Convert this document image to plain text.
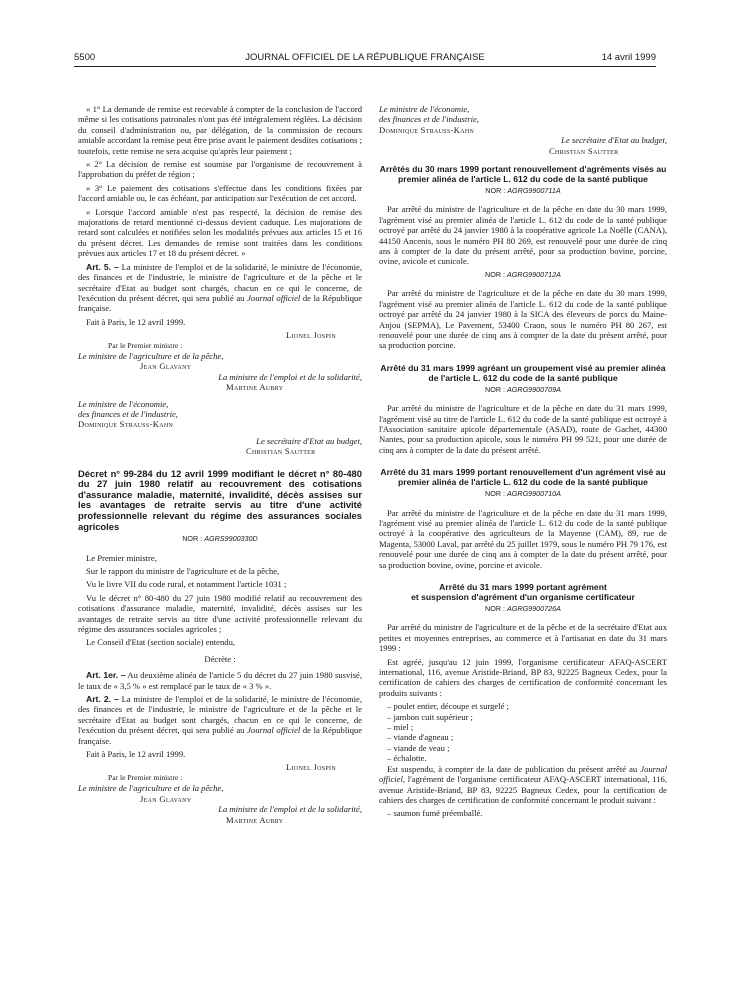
5500	JOURNAL OFFICIEL DE LA RÉPUBLIQUE FRANÇAISE	14 avril 1999

« 1° La demande de remise est recevable à compter de la conclusion de l'accord même si les cotisations patronales n'ont pas été intégralement réglées. La décision du conseil d'administration ou, par délégation, de la commission de recours amiable accordant la remise peut être prise avant le paiement desdites cotisations ; toutefois, cette remise ne sera acquise qu'après leur paiement ;

« 2° La décision de remise est soumise par l'organisme de recouvrement à l'approbation du préfet de région ;

« 3° Le paiement des cotisations s'effectue dans les conditions fixées par l'accord amiable ou, le cas échéant, par anticipation sur l'exécution de cet accord.

« Lorsque l'accord amiable n'est pas respecté, la décision de remise des majorations de retard mentionné ci-dessus devient caduque. Les majorations de retard sont calculées et notifiées selon les modalités prévues aux articles 15 et 16 du présent décret. Les demandes de remise sont traitées dans les conditions prévues aux articles 17 et 18 du présent décret. »

Art. 5. – La ministre de l'emploi et de la solidarité, le ministre de l'économie, des finances et de l'industrie, le ministre de l'agriculture et de la pêche et le secrétaire d'Etat au budget sont chargés, chacun en ce qui le concerne, de l'exécution du présent décret, qui sera publié au Journal officiel de la République française.

Fait à Paris, le 12 avril 1999.

Lionel Jospin
Par le Premier ministre :
Le ministre de l'agriculture et de la pêche,
Jean Glavany
La ministre de l'emploi et de la solidarité,
Martine Aubry
Le ministre de l'économie,
des finances et de l'industrie,
Dominique Strauss-Kahn
Le secrétaire d'Etat au budget,
Christian Sautter
Décret n° 99-284 du 12 avril 1999 modifiant le décret n° 80-480 du 27 juin 1980 relatif au recouvrement des cotisations d'assurance maladie, maternité, invalidité, décès assises sur les avantages de retraite servis au titre d'une activité professionnelle relevant du régime des assurances sociales agricoles
NOR : AGRS9900330D

Le Premier ministre,

Sur le rapport du ministre de l'agriculture et de la pêche,

Vu le livre VII du code rural, et notamment l'article 1031 ;

Vu le décret n° 80-480 du 27 juin 1980 modifié relatif au recouvrement des cotisations d'assurance maladie, maternité, invalidité, décès assises sur les avantages de retraite servis au titre d'une activité professionnelle relevant du régime des assurances sociales agricoles ;

Le Conseil d'Etat (section sociale) entendu,

Décrète :

Art. 1er. – Au deuxième alinéa de l'article 5 du décret du 27 juin 1980 susvisé, le taux de « 3,5 % » est remplacé par le taux de « 3 % ».

Art. 2. – La ministre de l'emploi et de la solidarité, le ministre de l'économie, des finances et de l'industrie, le ministre de l'agriculture et de la pêche et le secrétaire d'Etat au budget sont chargés, chacun en ce qui le concerne, de l'exécution du présent décret, qui sera publié au Journal officiel de la République française.

Fait à Paris, le 12 avril 1999.

Lionel Jospin
Par le Premier ministre :
Le ministre de l'agriculture et de la pêche,
Jean Glavany
La ministre de l'emploi et de la solidarité,
Martine Aubry
Le ministre de l'économie,
des finances et de l'industrie,
Dominique Strauss-Kahn
Le secrétaire d'Etat au budget,
Christian Sautter
Arrêtés du 30 mars 1999 portant renouvellement d'agréments visés au premier alinéa de l'article L. 612 du code de la santé publique
NOR : AGRG9900711A

Par arrêté du ministre de l'agriculture et de la pêche en date du 30 mars 1999, l'agrément visé au premier alinéa de l'article L. 612 du code de la santé publique octroyé par arrêté du 24 janvier 1980 à la coopérative agricole La Noëlle (CANA), 44150 Ancenis, sous le numéro PH 80 269, est renouvelé pour une durée de cinq ans à compter de la date du présent arrêté, pour sa production bovine, porcine, ovine, avicole et cunicole.

NOR : AGRG9900712A

Par arrêté du ministre de l'agriculture et de la pêche en date du 30 mars 1999, l'agrément visé au premier alinéa de l'article L. 612 du code de la santé publique octroyé par arrêté du 24 janvier 1980 à la SICA des éleveurs de porcs du Maine-Anjou (SEPMA), Le Pavement, 53400 Craon, sous le numéro PH 80 267, est renouvelé pour une durée de cinq ans à compter de la date du présent arrêté, pour sa production porcine.

Arrêté du 31 mars 1999 agréant un groupement visé au premier alinéa de l'article L. 612 du code de la santé publique
NOR : AGRG9900709A

Par arrêté du ministre de l'agriculture et de la pêche en date du 31 mars 1999, l'agrément visé au titre de l'article L. 612 du code de la santé publique est octroyé à l'Association sanitaire apicole départementale (ASAD), route de Gachet, 44300 Nantes, pour sa production apicole, sous le numéro PH 99 521, pour une durée de cinq ans à compter de la date du présent arrêté.

Arrêté du 31 mars 1999 portant renouvellement d'un agrément visé au premier alinéa de l'article L. 612 du code de la santé publique
NOR : AGRG9900710A

Par arrêté du ministre de l'agriculture et de la pêche en date du 31 mars 1999, l'agrément visé au premier alinéa de l'article L. 612 du code de la santé publique octroyé à la coopérative des agriculteurs de la Mayenne (CAM), 89, rue de Magenta, 53000 Laval, par arrêté du 25 juillet 1979, sous le numéro PH 79 176, est renouvelé pour une durée de cinq ans à compter de la date du présent arrêté, pour sa production bovine, ovine, porcine et avicole.

Arrêté du 31 mars 1999 portant agrément
et suspension d'agrément d'un organisme certificateur
NOR : AGRG9900726A

Par arrêté du ministre de l'agriculture et de la pêche et de la secrétaire d'Etat aux petites et moyennes entreprises, au commerce et à l'artisanat en date du 31 mars 1999 :

Est agréé, jusqu'au 12 juin 1999, l'organisme certificateur AFAQ-ASCERT international, 116, avenue Aristide-Briand, BP 83, 92225 Bagneux Cedex, pour la certification de cahiers des charges de certification de conformité concernant les produits suivants :

– poulet entier, découpe et surgelé ;
– jambon cuit supérieur ;
– miel ;
– viande d'agneau ;
– viande de veau ;
– échalotte.

Est suspendu, à compter de la date de publication du présent arrêté au Journal officiel, l'agrément de l'organisme certificateur AFAQ-ASCERT international, 116, avenue Aristide-Briand, BP 83, 92225 Bagneux Cedex, pour la certification de cahiers des charges de certification de conformité concernant le produit suivant :

– saumon fumé préemballé.
